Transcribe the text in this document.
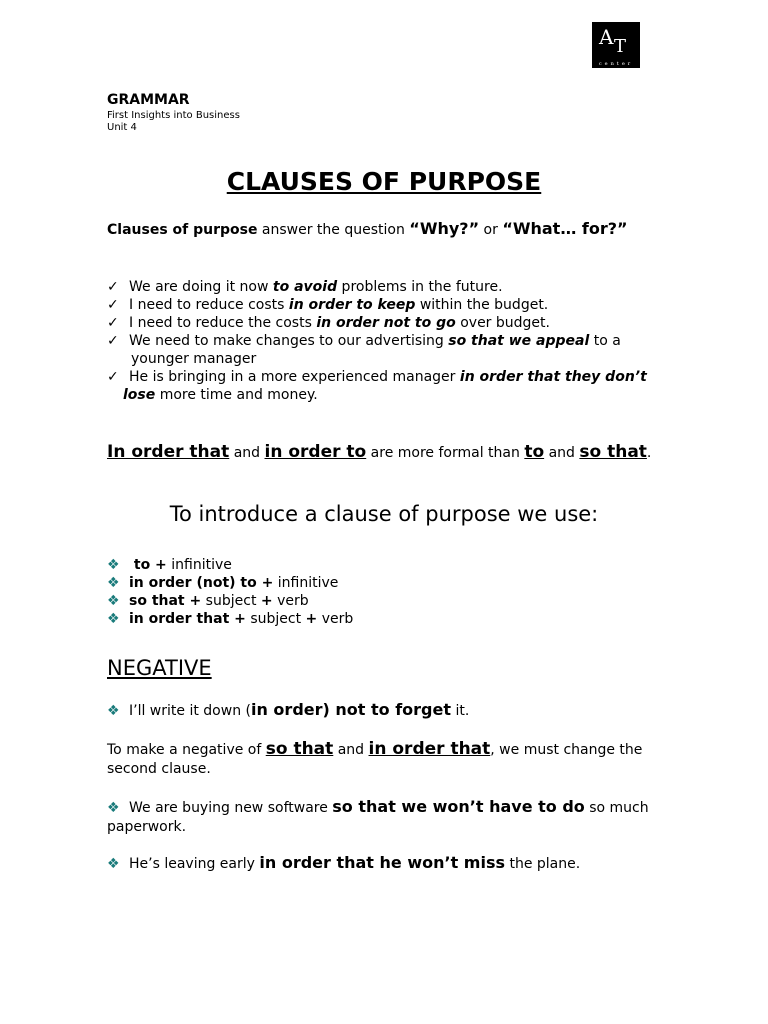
A T
center
GRAMMAR
First Insights into Business
Unit 4
CLAUSES OF PURPOSE
Clauses of purpose answer the question “Why?” or “What… for?”
✓ We are doing it now to avoid problems in the future.
✓ I need to reduce costs in order to keep within the budget.
✓ I need to reduce the costs in order not to go over budget.
✓ We need to make changes to our advertising so that we appeal to a
younger manager
✓ He is bringing in a more experienced manager in order that they don’t
lose more time and money.
In order that and in order to are more formal than to and so that.
To introduce a clause of purpose we use:
❖ to + infinitive
❖ in order (not) to + infinitive
❖ so that + subject + verb
❖ in order that + subject + verb
NEGATIVE
❖ I’ll write it down (in order) not to forget it.
To make a negative of so that and in order that, we must change the second clause.
❖ We are buying new software so that we won’t have to do so much paperwork.
❖ He’s leaving early in order that he won’t miss the plane.
